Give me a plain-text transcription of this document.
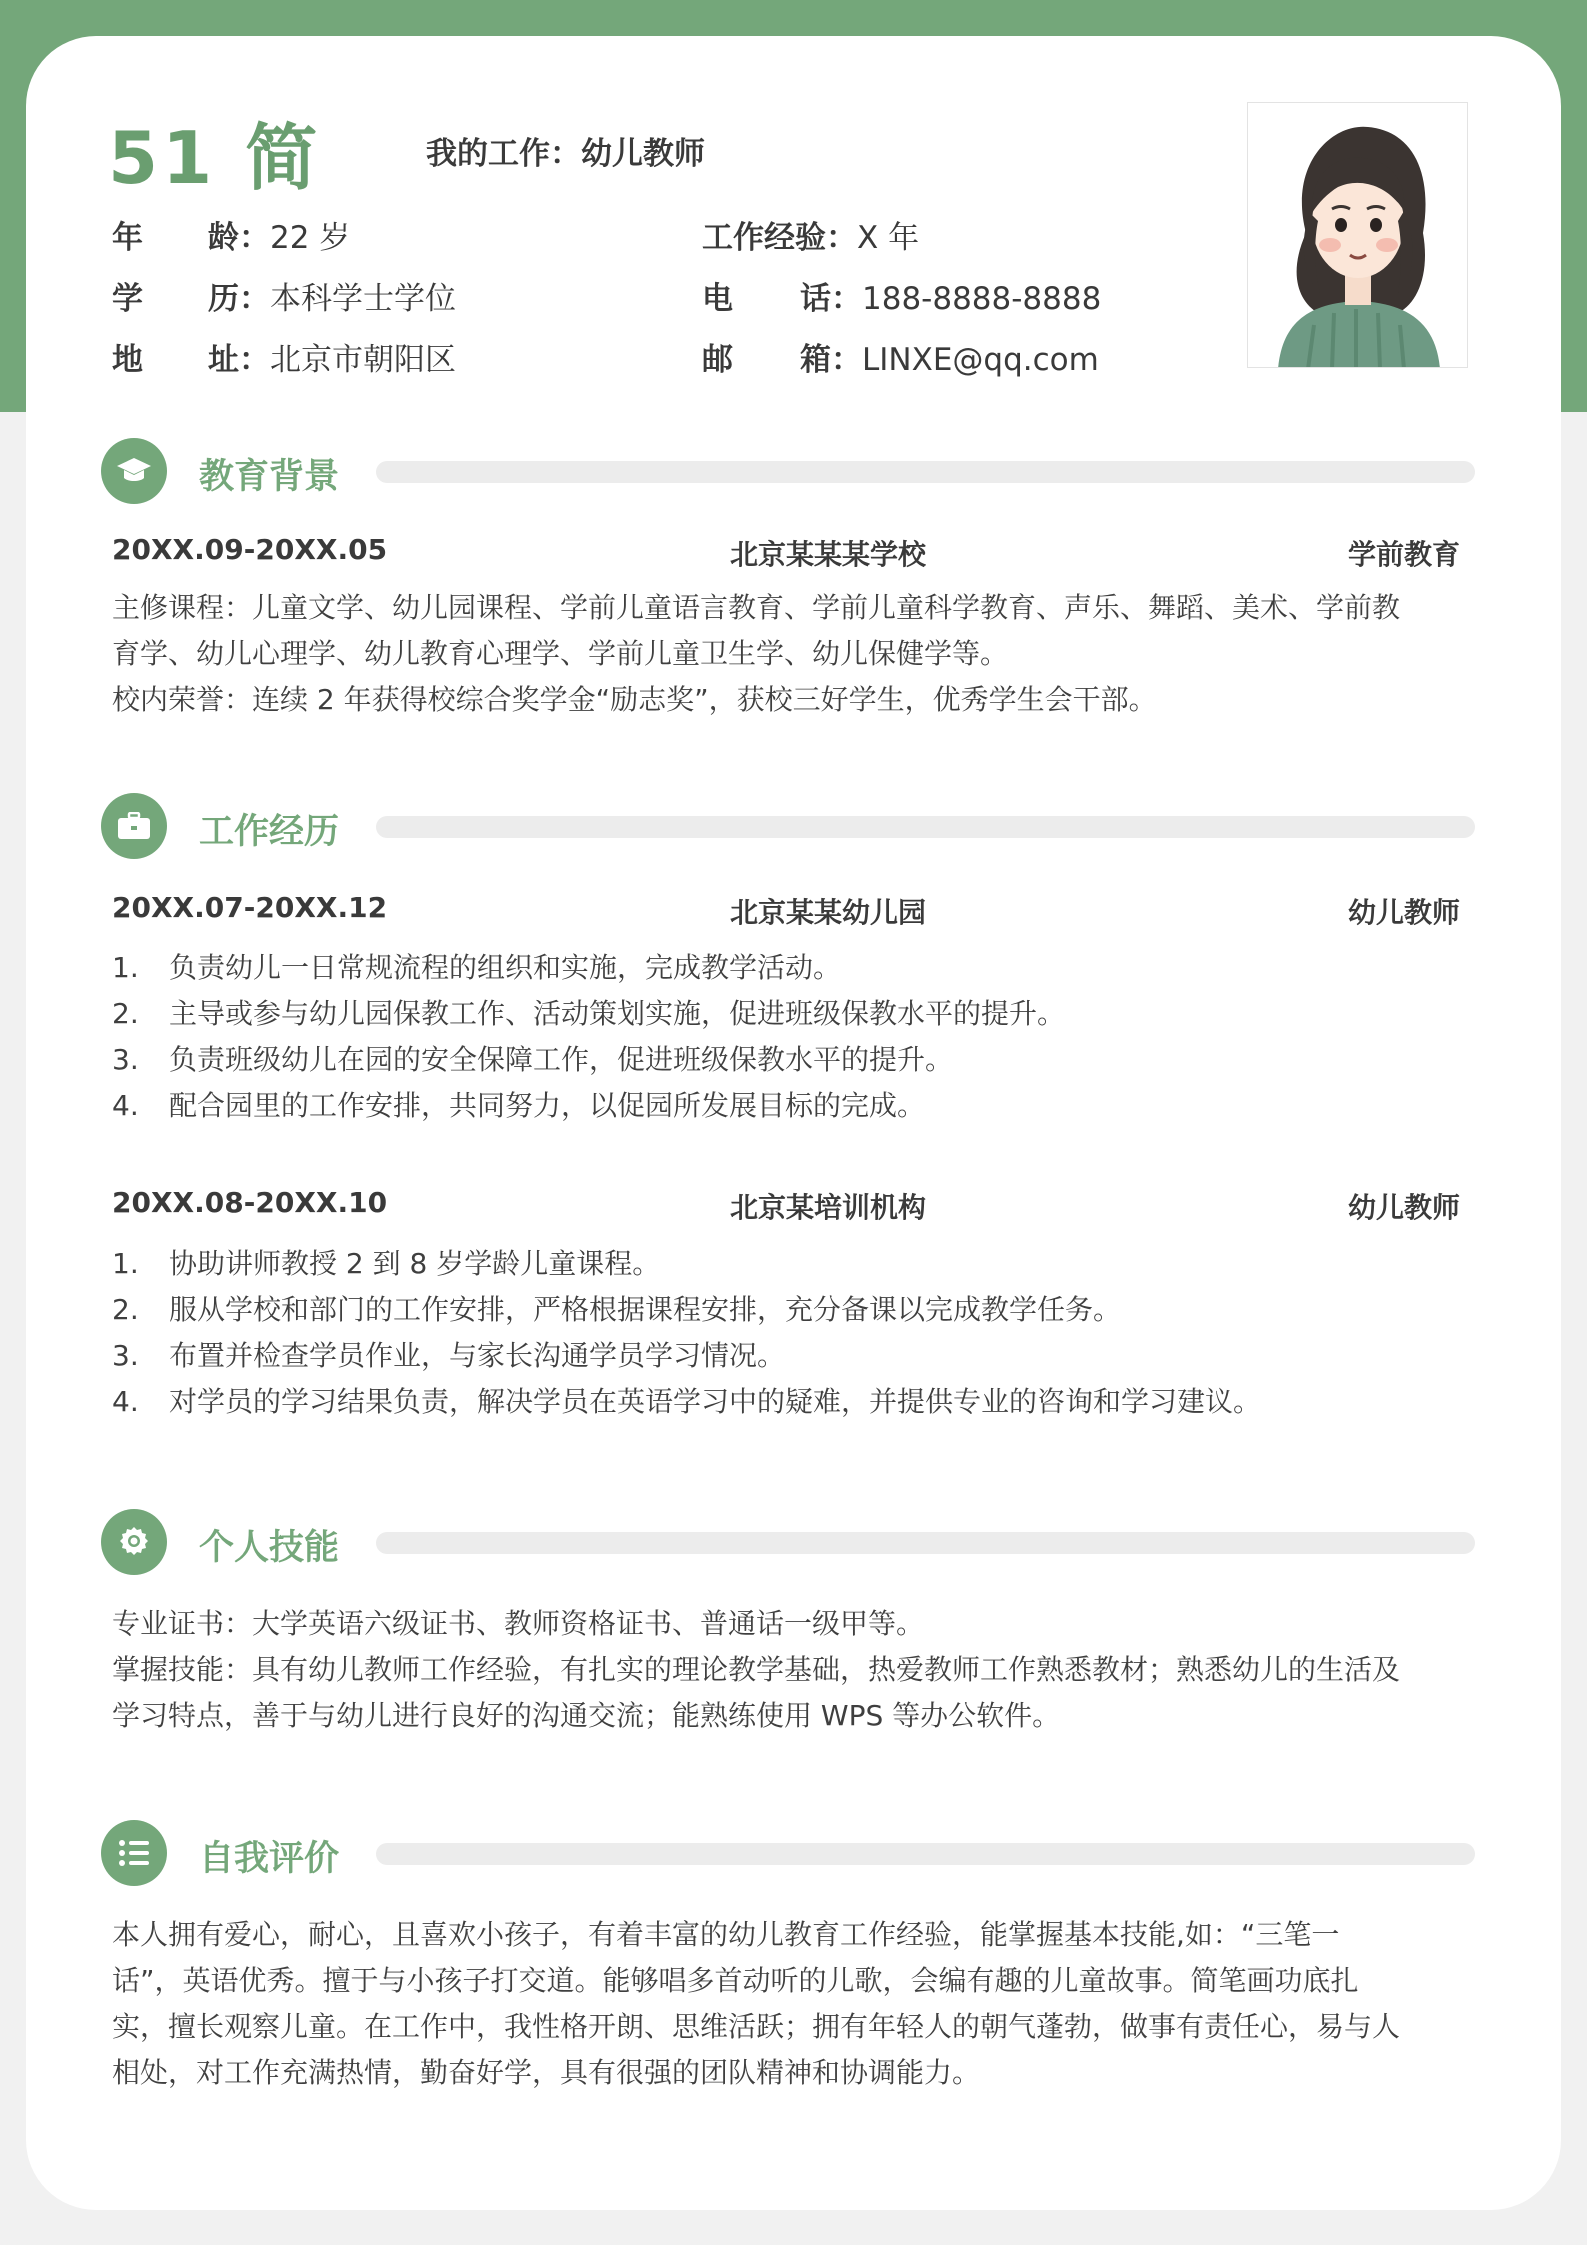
51 简	我的工作：幼儿教师
年 龄：22 岁
学 历：本科学士学位
地 址：北京市朝阳区
工作经验：X 年
电 话：188-8888-8888
邮 箱：LINXE@qq.com
教育背景
20XX.09-20XX.05	北京某某某学校	学前教育
主修课程：儿童文学、幼儿园课程、学前儿童语言教育、学前儿童科学教育、声乐、舞蹈、美术、学前教
育学、幼儿心理学、幼儿教育心理学、学前儿童卫生学、幼儿保健学等。
校内荣誉：连续 2 年获得校综合奖学金“励志奖”，获校三好学生，优秀学生会干部。
工作经历
20XX.07-20XX.12	北京某某幼儿园	幼儿教师
1. 负责幼儿一日常规流程的组织和实施，完成教学活动。
2. 主导或参与幼儿园保教工作、活动策划实施，促进班级保教水平的提升。
3. 负责班级幼儿在园的安全保障工作，促进班级保教水平的提升。
4. 配合园里的工作安排，共同努力，以促园所发展目标的完成。
20XX.08-20XX.10	北京某培训机构	幼儿教师
1. 协助讲师教授 2 到 8 岁学龄儿童课程。
2. 服从学校和部门的工作安排，严格根据课程安排，充分备课以完成教学任务。
3. 布置并检查学员作业，与家长沟通学员学习情况。
4. 对学员的学习结果负责，解决学员在英语学习中的疑难，并提供专业的咨询和学习建议。
个人技能
专业证书：大学英语六级证书、教师资格证书、普通话一级甲等。
掌握技能：具有幼儿教师工作经验，有扎实的理论教学基础，热爱教师工作熟悉教材；熟悉幼儿的生活及
学习特点，善于与幼儿进行良好的沟通交流；能熟练使用 WPS 等办公软件。
自我评价
本人拥有爱心，耐心，且喜欢小孩子，有着丰富的幼儿教育工作经验，能掌握基本技能,如：“三笔一
话”，英语优秀。擅于与小孩子打交道。能够唱多首动听的儿歌，会编有趣的儿童故事。简笔画功底扎
实，擅长观察儿童。在工作中，我性格开朗、思维活跃；拥有年轻人的朝气蓬勃，做事有责任心，易与人
相处，对工作充满热情，勤奋好学，具有很强的团队精神和协调能力。
